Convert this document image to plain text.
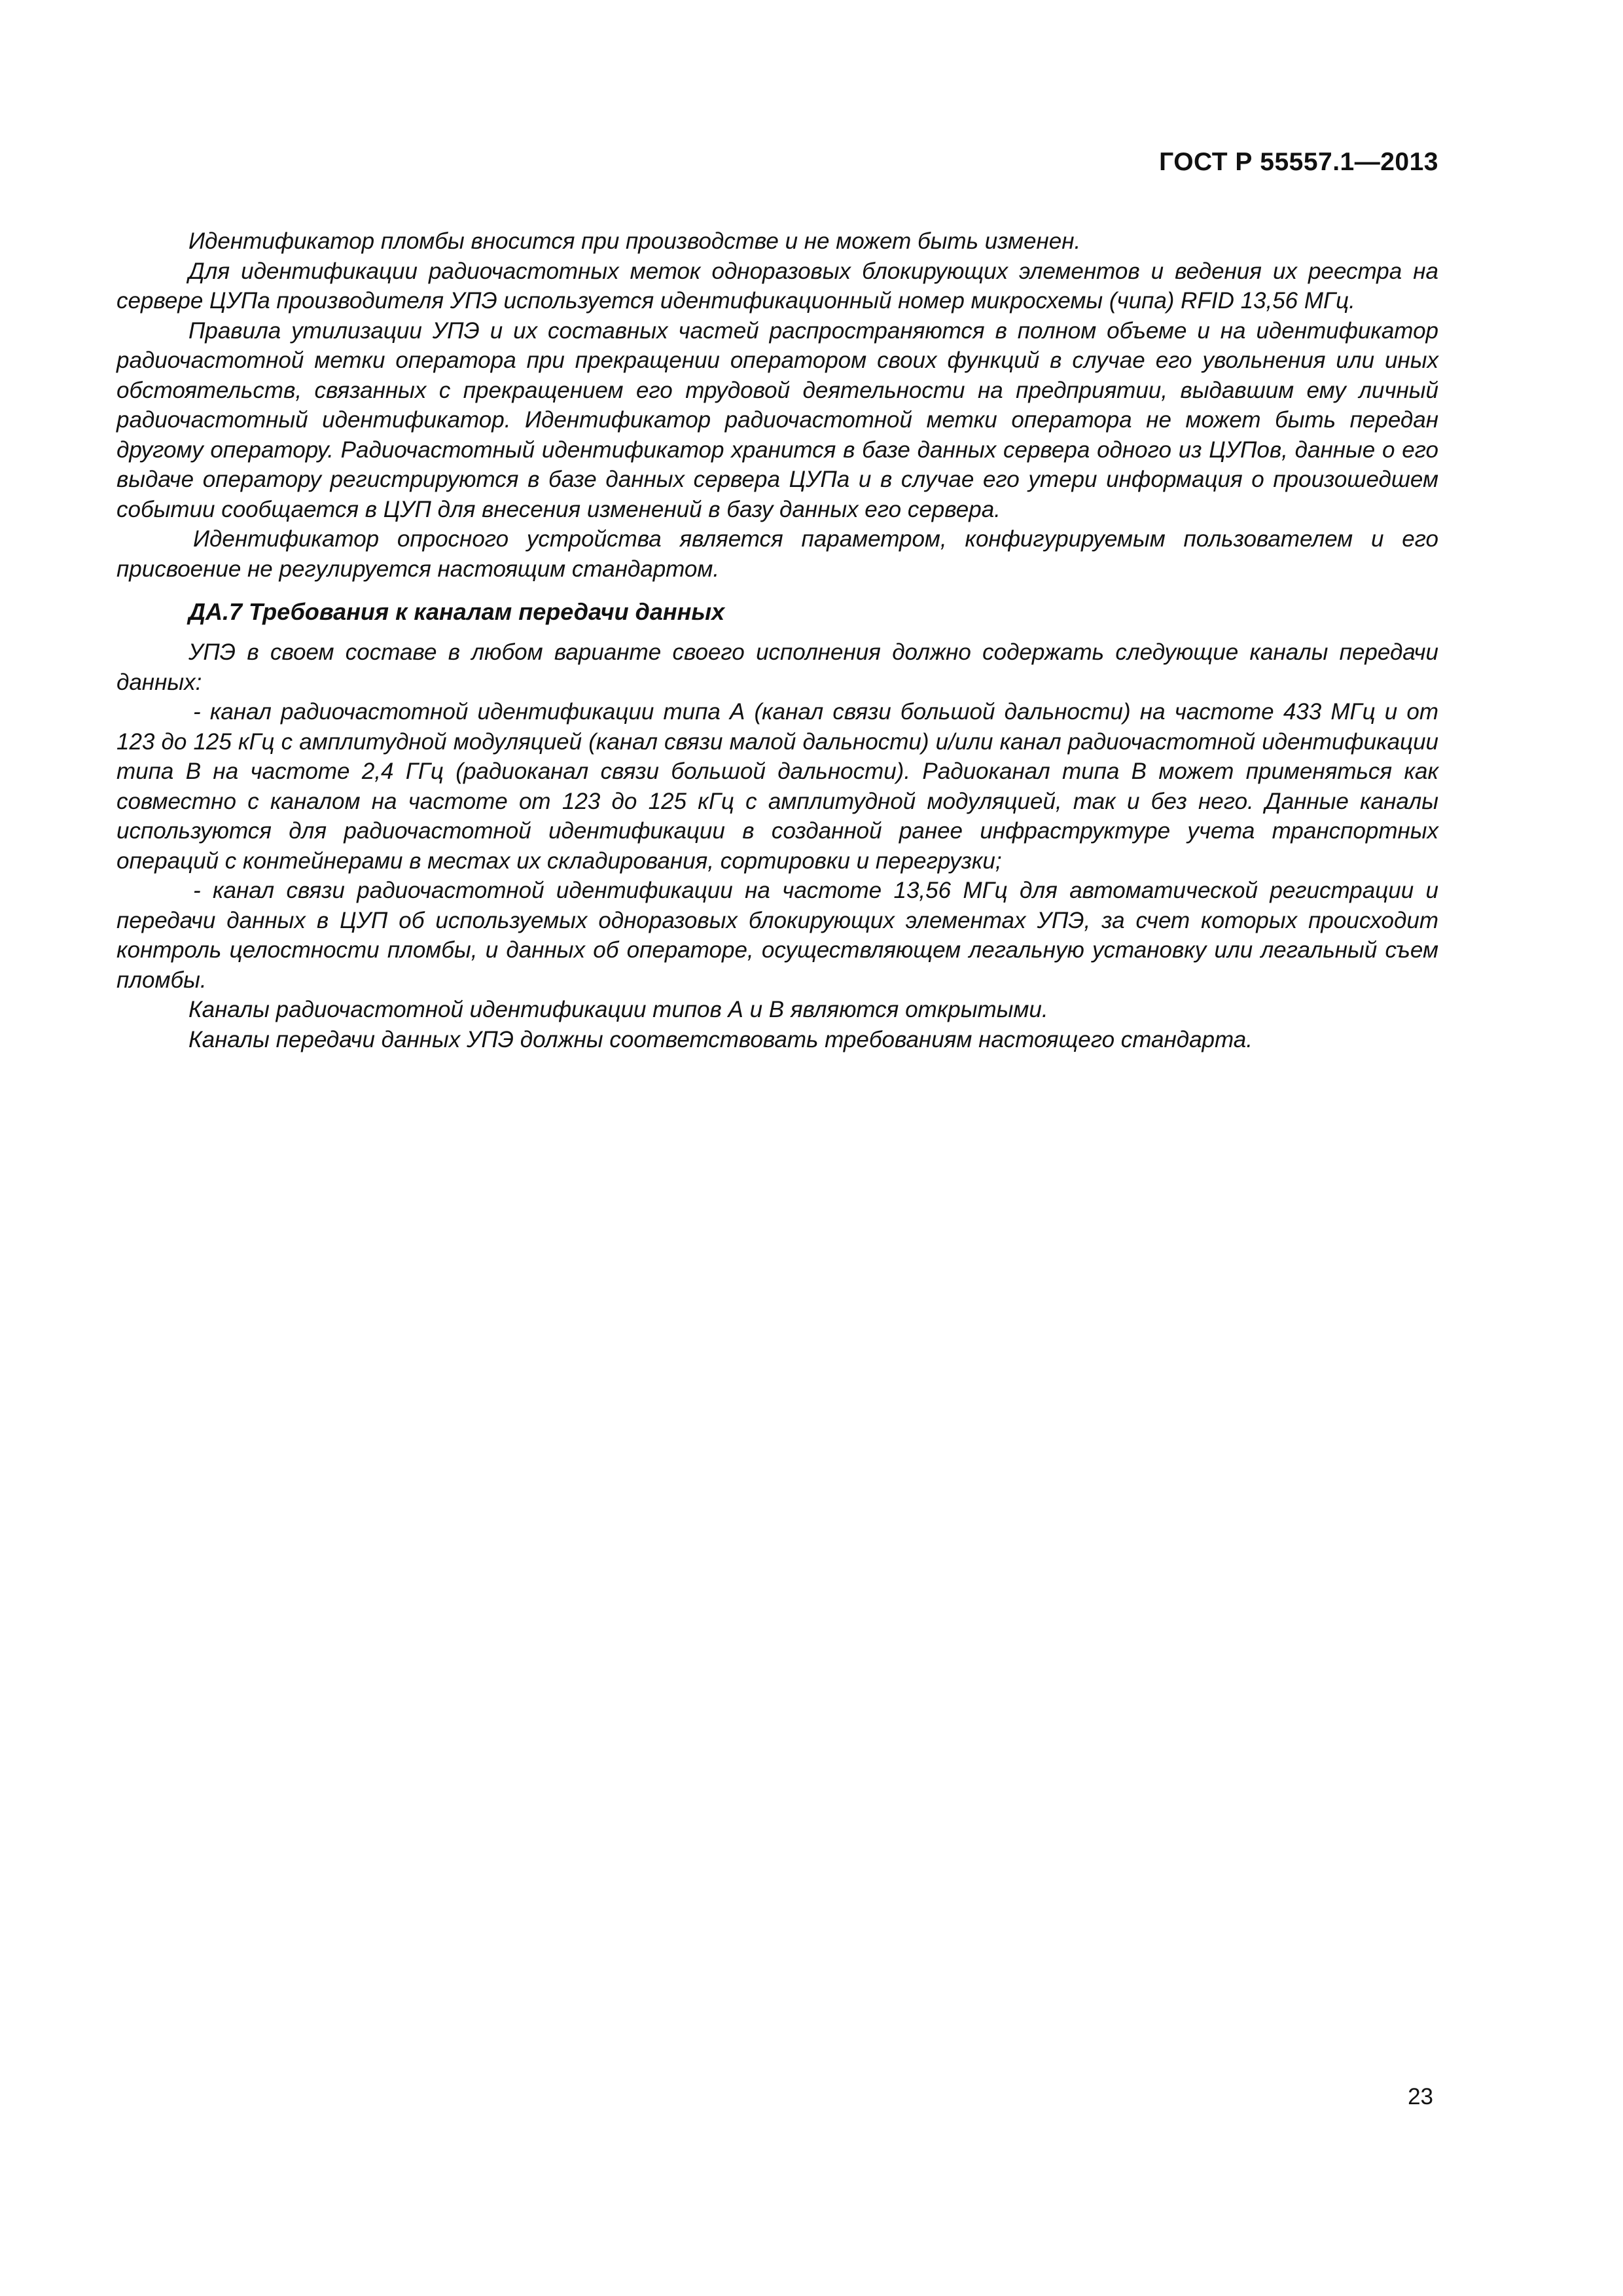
ГОСТ Р 55557.1—2013

Идентификатор пломбы вносится при производстве и не может быть изменен.

Для идентификации радиочастотных меток одноразовых блокирующих элементов и ведения их реестра на сервере ЦУПа производителя УПЭ используется идентификационный номер микросхемы (чипа) RFID 13,56 МГц.

Правила утилизации УПЭ и их составных частей распространяются в полном объеме и на идентификатор радиочастотной метки оператора при прекращении оператором своих функций в случае его увольнения или иных обстоятельств, связанных с прекращением его трудовой деятельности на предприятии, выдавшим ему личный радиочастотный идентификатор. Идентификатор радиочастотной метки оператора не может быть передан другому оператору. Радиочастотный идентификатор хранится в базе данных сервера одного из ЦУПов, данные о его выдаче оператору регистрируются в базе данных сервера ЦУПа и в случае его утери информация о произошедшем событии сообщается в ЦУП для внесения изменений в базу данных его сервера.

Идентификатор опросного устройства является параметром, конфигурируемым пользователем и его присвоение не регулируется настоящим стандартом.

ДА.7 Требования к каналам передачи данных

УПЭ в своем составе в любом варианте своего исполнения должно содержать следующие каналы передачи данных:

- канал радиочастотной идентификации типа А (канал связи большой дальности) на частоте 433 МГц и от 123 до 125 кГц с амплитудной модуляцией (канал связи малой дальности) и/или канал радиочастотной идентификации типа В на частоте 2,4 ГГц (радиоканал связи большой дальности). Радиоканал типа В может применяться как совместно с каналом на частоте от 123 до 125 кГц с амплитудной модуляцией, так и без него. Данные каналы используются для радиочастотной идентификации в созданной ранее инфраструктуре учета транспортных операций с контейнерами в местах их складирования, сортировки и перегрузки;

- канал связи радиочастотной идентификации на частоте 13,56 МГц для автоматической регистрации и передачи данных в ЦУП об используемых одноразовых блокирующих элементах УПЭ, за счет которых происходит контроль целостности пломбы, и данных об операторе, осуществляющем легальную установку или легальный съем пломбы.

Каналы радиочастотной идентификации типов А и В являются открытыми.

Каналы передачи данных УПЭ должны соответствовать требованиям настоящего стандарта.

23
